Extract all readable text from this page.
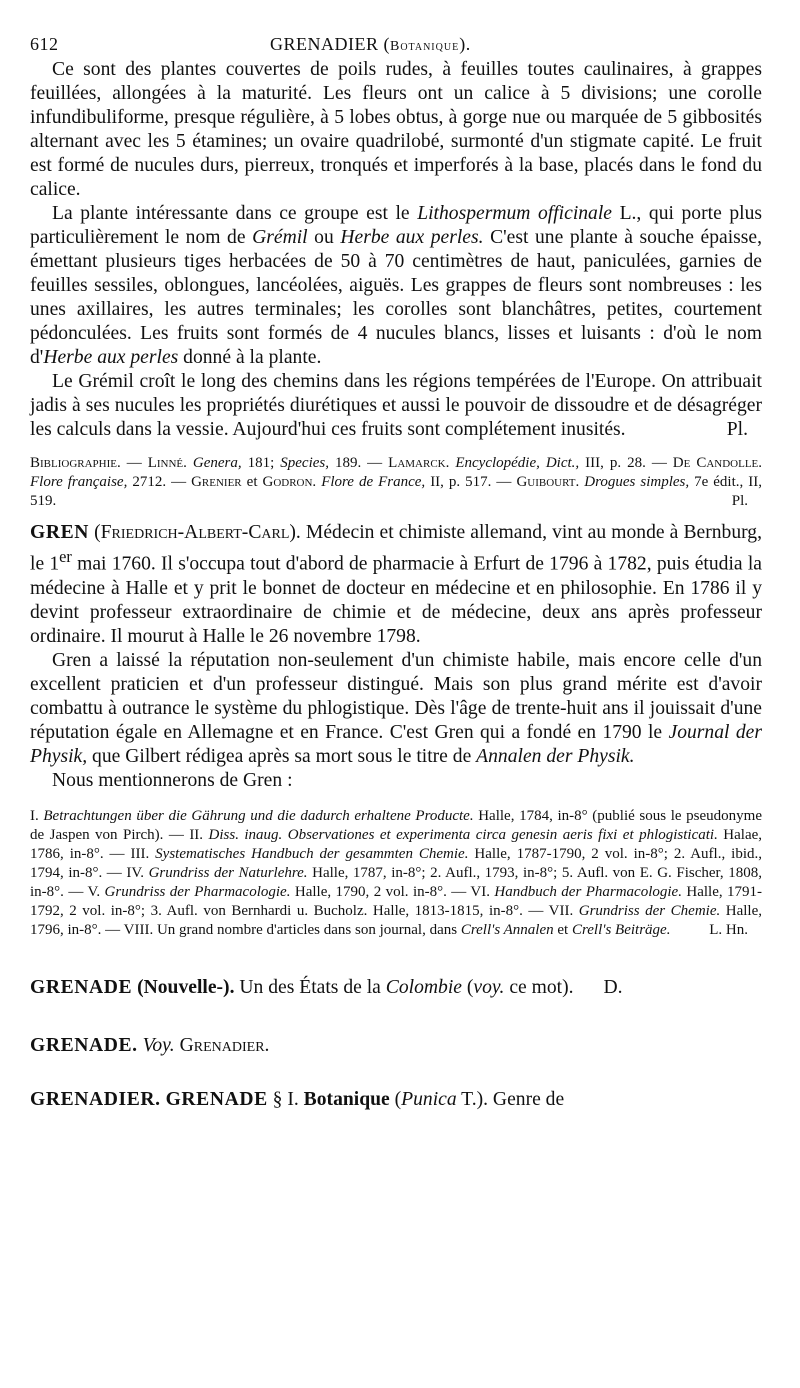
612	GRENADIER (Botanique).

Ce sont des plantes couvertes de poils rudes, à feuilles toutes caulinaires, à grappes feuillées, allongées à la maturité. Les fleurs ont un calice à 5 divisions; une corolle infundibuliforme, presque régulière, à 5 lobes obtus, à gorge nue ou marquée de 5 gibbosités alternant avec les 5 étamines; un ovaire quadrilobé, surmonté d'un stigmate capité. Le fruit est formé de nucules durs, pierreux, tronqués et imperforés à la base, placés dans le fond du calice.

La plante intéressante dans ce groupe est le Lithospermum officinale L., qui porte plus particulièrement le nom de Grémil ou Herbe aux perles. C'est une plante à souche épaisse, émettant plusieurs tiges herbacées de 50 à 70 centimètres de haut, paniculées, garnies de feuilles sessiles, oblongues, lancéolées, aiguës. Les grappes de fleurs sont nombreuses : les unes axillaires, les autres terminales; les corolles sont blanchâtres, petites, courtement pédonculées. Les fruits sont formés de 4 nucules blancs, lisses et luisants : d'où le nom d'Herbe aux perles donné à la plante.

Le Grémil croît le long des chemins dans les régions tempérées de l'Europe. On attribuait jadis à ses nucules les propriétés diurétiques et aussi le pouvoir de dissoudre et de désagréger les calculs dans la vessie. Aujourd'hui ces fruits sont complétement inusités.	Pl.

Bibliographie. — Linné. Genera, 181; Species, 189. — Lamarck. Encyclopédie, Dict., III, p. 28. — De Candolle. Flore française, 2712. — Grenier et Godron. Flore de France, II, p. 517. — Guibourt. Drogues simples, 7e édit., II, 519.	Pl.

GREN (Friedrich-Albert-Carl). Médecin et chimiste allemand, vint au monde à Bernburg, le 1er mai 1760. Il s'occupa tout d'abord de pharmacie à Erfurt de 1796 à 1782, puis étudia la médecine à Halle et y prit le bonnet de docteur en médecine et en philosophie. En 1786 il y devint professeur extraordinaire de chimie et de médecine, deux ans après professeur ordinaire. Il mourut à Halle le 26 novembre 1798.

Gren a laissé la réputation non-seulement d'un chimiste habile, mais encore celle d'un excellent praticien et d'un professeur distingué. Mais son plus grand mérite est d'avoir combattu à outrance le système du phlogistique. Dès l'âge de trente-huit ans il jouissait d'une réputation égale en Allemagne et en France. C'est Gren qui a fondé en 1790 le Journal der Physik, que Gilbert rédigea après sa mort sous le titre de Annalen der Physik.

Nous mentionnerons de Gren :

I. Betrachtungen über die Gährung und die dadurch erhaltene Producte. Halle, 1784, in-8° (publié sous le pseudonyme de Jaspen von Pirch). — II. Diss. inaug. Observationes et experimenta circa genesin aeris fixi et phlogisticati. Halae, 1786, in-8°. — III. Systematisches Handbuch der gesammten Chemie. Halle, 1787-1790, 2 vol. in-8°; 2. Aufl., ibid., 1794, in-8°. — IV. Grundriss der Naturlehre. Halle, 1787, in-8°; 2. Aufl., 1793, in-8°; 5. Aufl. von E. G. Fischer, 1808, in-8°. — V. Grundriss der Pharmacologie. Halle, 1790, 2 vol. in-8°. — VI. Handbuch der Pharmacologie. Halle, 1791-1792, 2 vol. in-8°; 3. Aufl. von Bernhardi u. Bucholz. Halle, 1813-1815, in-8°. — VII. Grundriss der Chemie. Halle, 1796, in-8°. — VIII. Un grand nombre d'articles dans son journal, dans Crell's Annalen et Crell's Beiträge.	L. Hn.

GRENADE (Nouvelle-). Un des États de la Colombie (voy. ce mot). D.
GRENADE. Voy. Grenadier.
GRENADIER. GRENADE § I. Botanique (Punica T.). Genre de
